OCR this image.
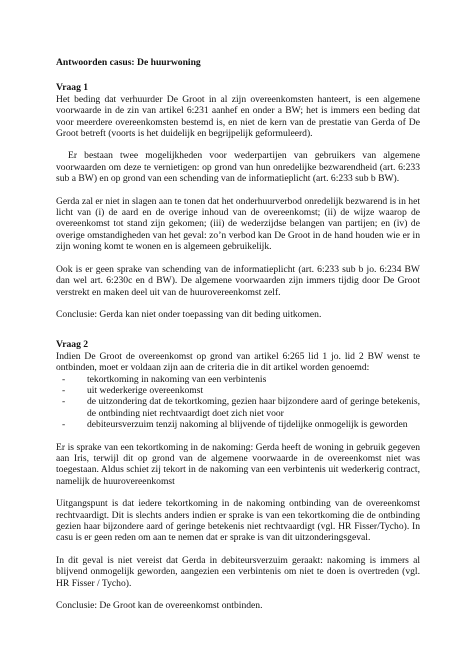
Antwoorden casus: De huurwoning
Vraag 1

Het beding dat verhuurder De Groot in al zijn overeenkomsten hanteert, is een algemene voorwaarde in de zin van artikel 6:231 aanhef en onder a BW; het is immers een beding dat voor meerdere overeenkomsten bestemd is, en niet de kern van de prestatie van Gerda of De Groot betreft (voorts is het duidelijk en begrijpelijk geformuleerd).

Er bestaan twee mogelijkheden voor wederpartijen van gebruikers van algemene voorwaarden om deze te vernietigen: op grond van hun onredelijke bezwarendheid (art. 6:233 sub a BW) en op grond van een schending van de informatieplicht (art. 6:233 sub b BW).

Gerda zal er niet in slagen aan te tonen dat het onderhuurverbod onredelijk bezwarend is in het licht van (i) de aard en de overige inhoud van de overeenkomst; (ii) de wijze waarop de overeenkomst tot stand zijn gekomen; (iii) de wederzijdse belangen van partijen; en (iv) de overige omstandigheden van het geval: zo’n verbod kan De Groot in de hand houden wie er in zijn woning komt te wonen en is algemeen gebruikelijk.

Ook is er geen sprake van schending van de informatieplicht (art. 6:233 sub b jo. 6:234 BW dan wel art. 6:230c en d BW). De algemene voorwaarden zijn immers tijdig door De Groot verstrekt en maken deel uit van de huurovereenkomst zelf.

Conclusie: Gerda kan niet onder toepassing van dit beding uitkomen.

Vraag 2

Indien De Groot de overeenkomst op grond van artikel 6:265 lid 1 jo. lid 2 BW wenst te ontbinden, moet er voldaan zijn aan de criteria die in dit artikel worden genoemd:

- tekortkoming in nakoming van een verbintenis
- uit wederkerige overeenkomst
- de uitzondering dat de tekortkoming, gezien haar bijzondere aard of geringe betekenis, de ontbinding niet rechtvaardigt doet zich niet voor
- debiteursverzuim tenzij nakoming al blijvende of tijdelijke onmogelijk is geworden

Er is sprake van een tekortkoming in de nakoming: Gerda heeft de woning in gebruik gegeven aan Iris, terwijl dit op grond van de algemene voorwaarde in de overeenkomst niet was toegestaan. Aldus schiet zij tekort in de nakoming van een verbintenis uit wederkerig contract, namelijk de huurovereenkomst

Uitgangspunt is dat iedere tekortkoming in de nakoming ontbinding van de overeenkomst rechtvaardigt. Dit is slechts anders indien er sprake is van een tekortkoming die de ontbinding gezien haar bijzondere aard of geringe betekenis niet rechtvaardigt (vgl. HR Fisser/Tycho). In casu is er geen reden om aan te nemen dat er sprake is van dit uitzonderingsgeval.

In dit geval is niet vereist dat Gerda in debiteursverzuim geraakt: nakoming is immers al blijvend onmogelijk geworden, aangezien een verbintenis om niet te doen is overtreden (vgl. HR Fisser / Tycho).

Conclusie: De Groot kan de overeenkomst ontbinden.
